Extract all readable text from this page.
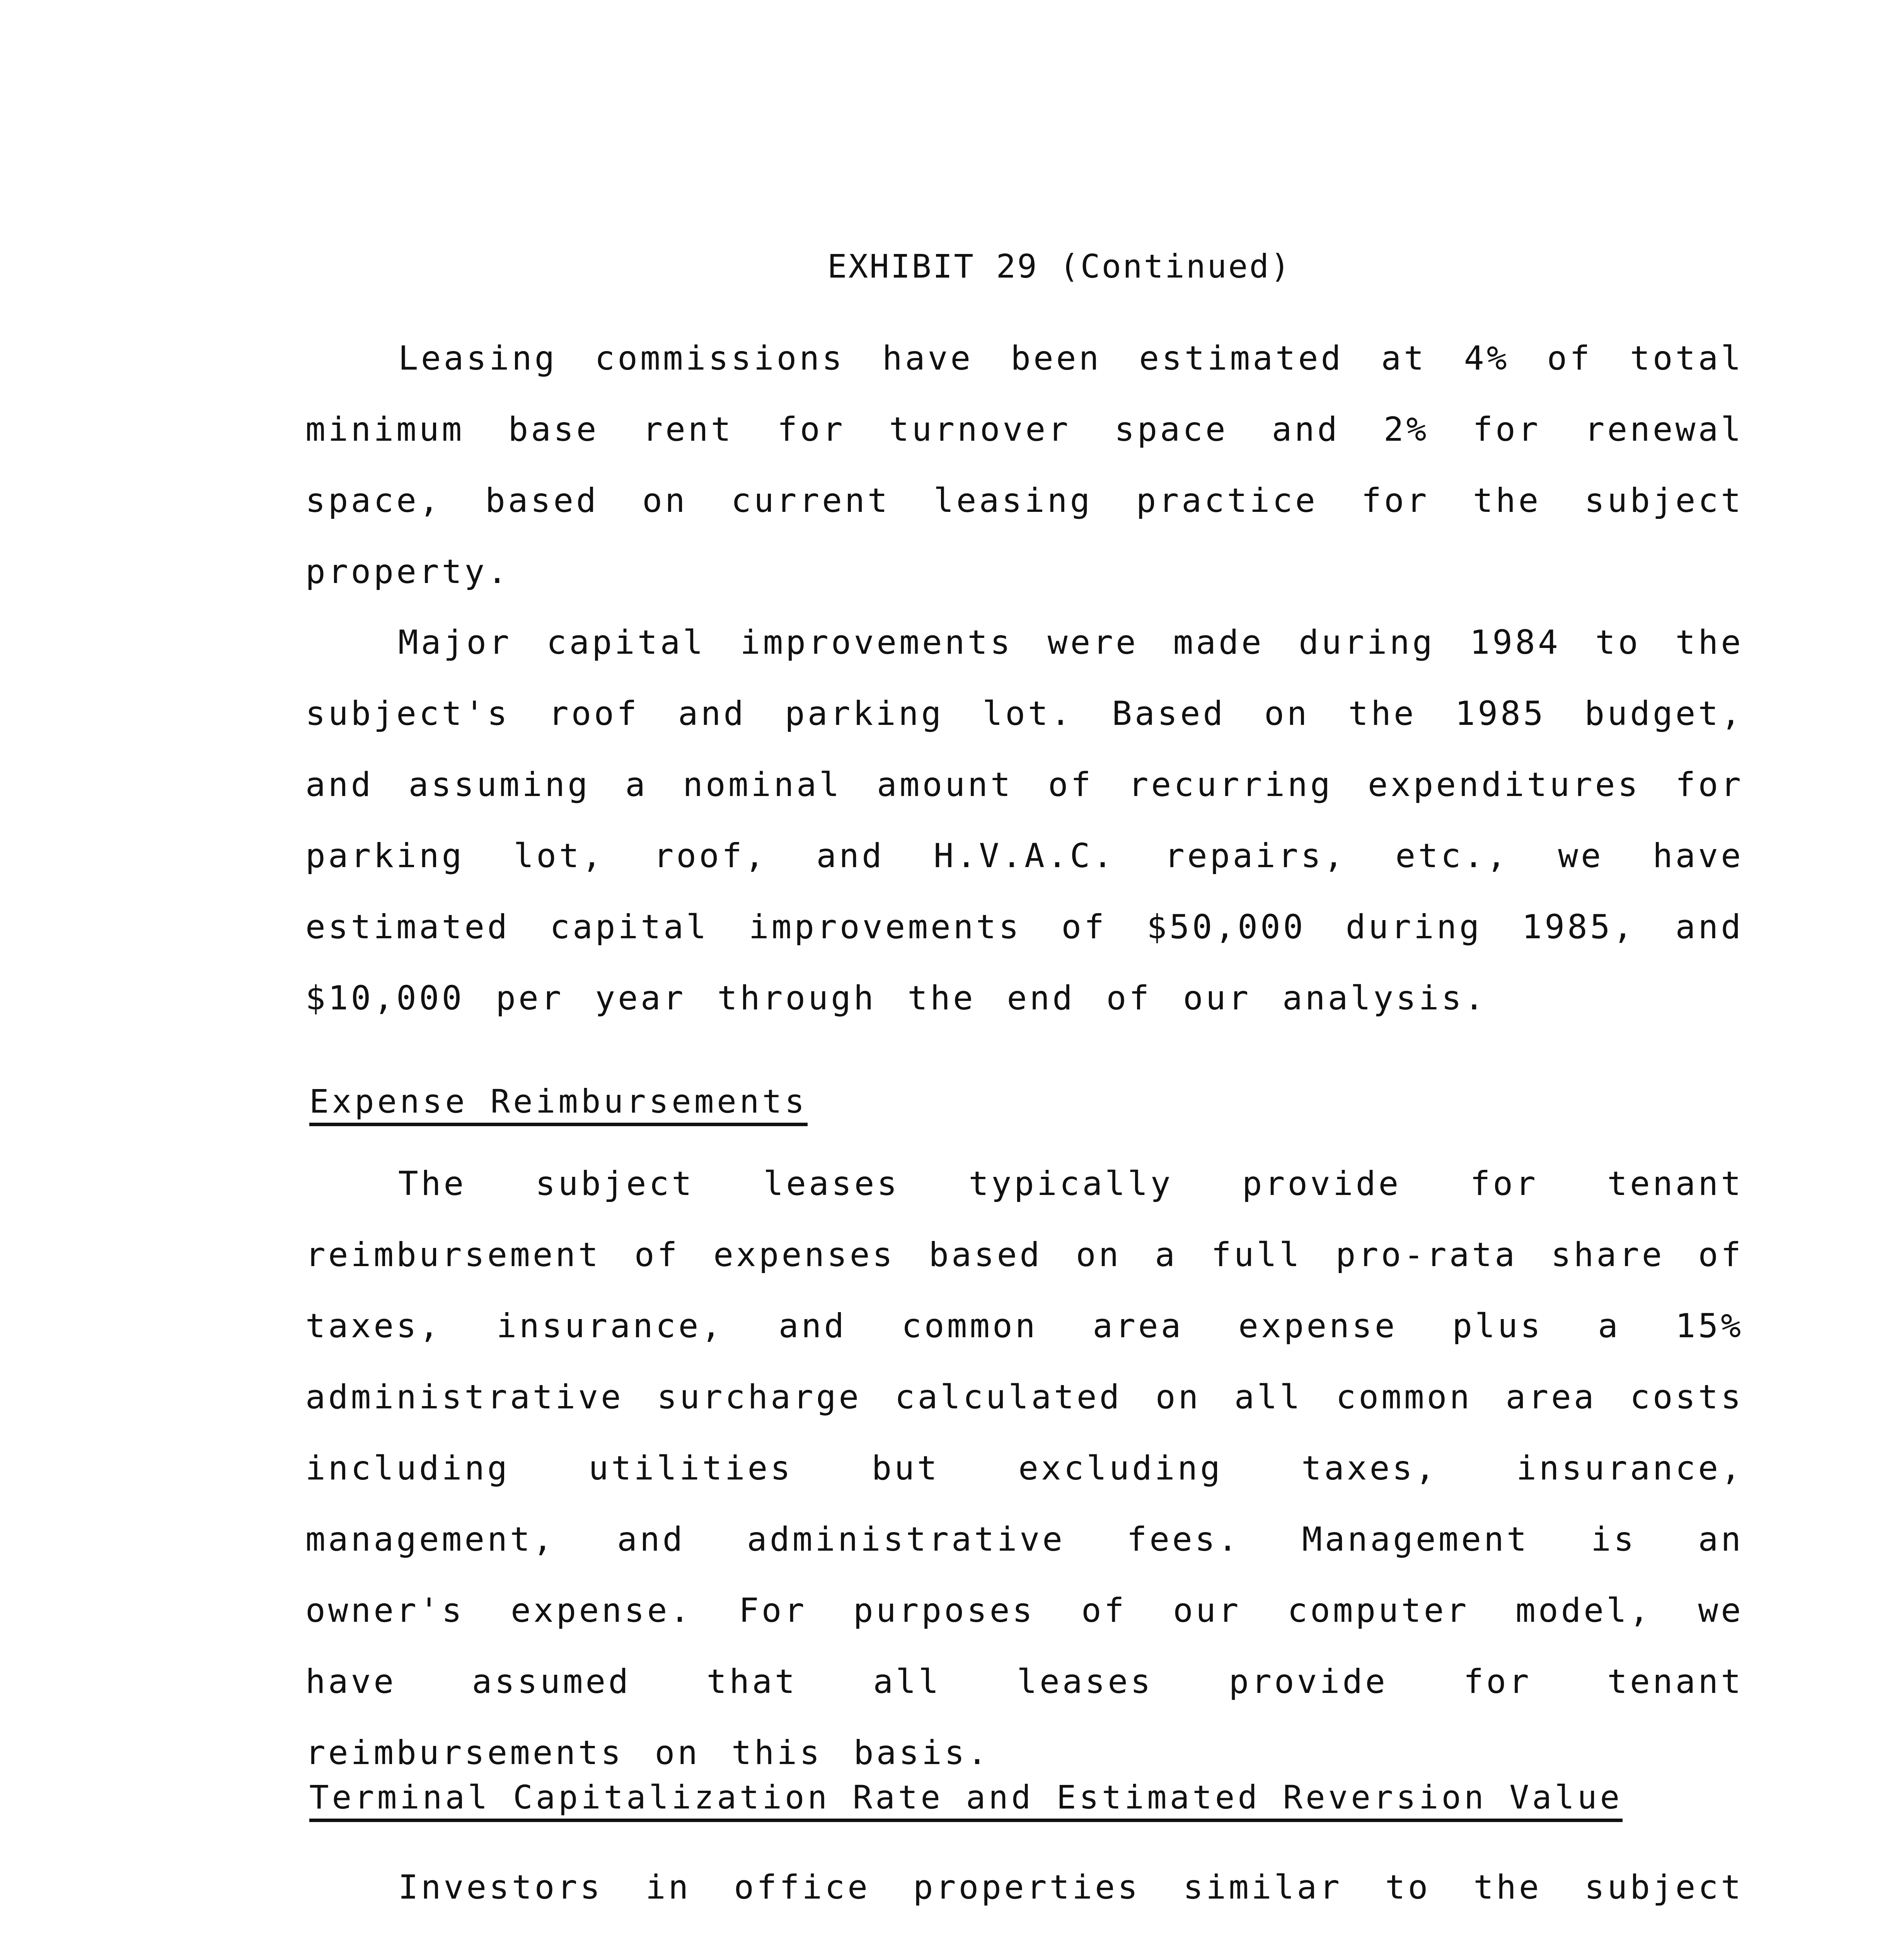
EXHIBIT 29 (Continued)
Leasing commissions have been estimated at 4% of total minimum base rent for turnover space and 2% for renewal space, based on current leasing practice for the subject property.
Major capital improvements were made during 1984 to the subject's roof and parking lot. Based on the 1985 budget, and assuming a nominal amount of recurring expenditures for parking lot, roof, and H.V.A.C. repairs, etc., we have estimated capital improvements of $50,000 during 1985, and $10,000 per year through the end of our analysis.
Expense Reimbursements
The subject leases typically provide for tenant reimbursement of expenses based on a full pro-rata share of taxes, insurance, and common area expense plus a 15% administrative surcharge calculated on all common area costs including utilities but excluding taxes, insurance, management, and administrative fees. Management is an owner's expense. For purposes of our computer model, we have assumed that all leases provide for tenant reimbursements on this basis.
Terminal Capitalization Rate and Estimated Reversion Value
Investors in office properties similar to the subject
